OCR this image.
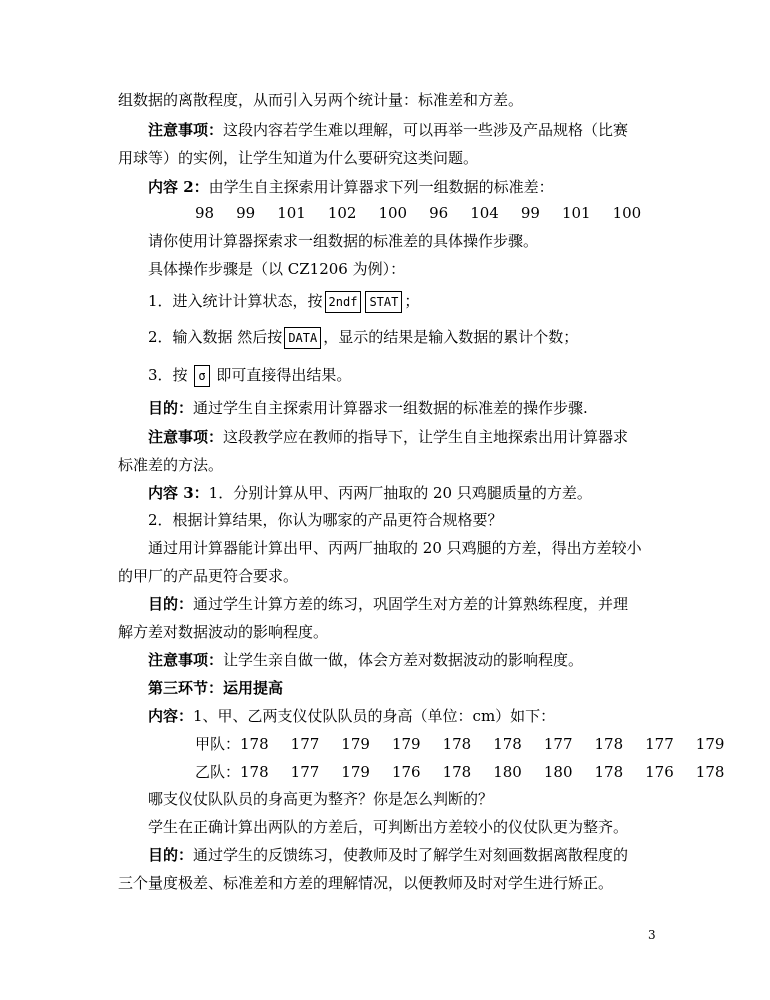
组数据的离散程度，从而引入另两个统计量：标准差和方差。
注意事项：这段内容若学生难以理解，可以再举一些涉及产品规格（比赛
用球等）的实例，让学生知道为什么要研究这类问题。
内容 2：由学生自主探索用计算器求下列一组数据的标准差：
98 99 101 102 100 96 104 99 101 100
请你使用计算器探索求一组数据的标准差的具体操作步骤。
具体操作步骤是（以 CZ1206 为例）：
1．进入统计计算状态，按 2ndf STAT ；
2．输入数据 然后按 DATA ，显示的结果是输入数据的累计个数；
3．按 σ 即可直接得出结果。
目的：通过学生自主探索用计算器求一组数据的标准差的操作步骤.
注意事项：这段教学应在教师的指导下，让学生自主地探索出用计算器求
标准差的方法。
内容 3：1．分别计算从甲、丙两厂抽取的 20 只鸡腿质量的方差。
2．根据计算结果，你认为哪家的产品更符合规格要？
通过用计算器能计算出甲、丙两厂抽取的 20 只鸡腿的方差，得出方差较小
的甲厂的产品更符合要求。
目的：通过学生计算方差的练习，巩固学生对方差的计算熟练程度，并理
解方差对数据波动的影响程度。
注意事项：让学生亲自做一做，体会方差对数据波动的影响程度。
第三环节：运用提高
内容：1、甲、乙两支仪仗队队员的身高（单位：cm）如下：
甲队：178 177 179 179 178 178 177 178 177 179
乙队：178 177 179 176 178 180 180 178 176 178
哪支仪仗队队员的身高更为整齐？你是怎么判断的？
学生在正确计算出两队的方差后，可判断出方差较小的仪仗队更为整齐。
目的：通过学生的反馈练习，使教师及时了解学生对刻画数据离散程度的
三个量度极差、标准差和方差的理解情况，以便教师及时对学生进行矫正。
3
